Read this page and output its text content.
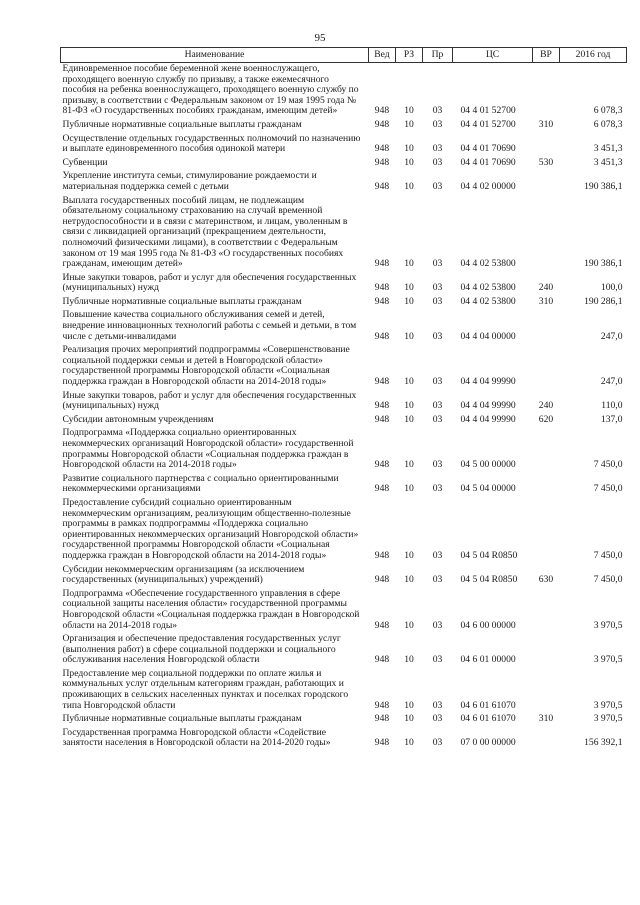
95
Наименование	Вед	РЗ	Пр	ЦС	ВР	2016 год
Единовременное пособие беременной жене военнослужащего, проходящего военную службу по призыву, а также ежемесячного пособия на ребенка военнослужащего, проходящего военную службу по призыву, в соответствии с Федеральным законом от 19 мая 1995 года № 81-ФЗ «О государственных пособиях гражданам, имеющим детей»	948	10	03	04 4 01 52700		6 078,3
Публичные нормативные социальные выплаты гражданам	948	10	03	04 4 01 52700	310	6 078,3
Осуществление отдельных государственных полномочий по назначению и выплате единовременного пособия одинокой матери	948	10	03	04 4 01 70690		3 451,3
Субвенции	948	10	03	04 4 01 70690	530	3 451,3
Укрепление института семьи, стимулирование рождаемости и материальная поддержка семей с детьми	948	10	03	04 4 02 00000		190 386,1
Выплата государственных пособий лицам, не подлежащим обязательному социальному страхованию на случай временной нетрудоспособности и в связи с материнством, и лицам, уволенным в связи с ликвидацией организаций (прекращением деятельности, полномочий физическими лицами), в соответствии с Федеральным законом от 19 мая 1995 года № 81-ФЗ «О государственных пособиях гражданам, имеющим детей»	948	10	03	04 4 02 53800		190 386,1
Иные закупки товаров, работ и услуг для обеспечения государственных (муниципальных) нужд	948	10	03	04 4 02 53800	240	100,0
Публичные нормативные социальные выплаты гражданам	948	10	03	04 4 02 53800	310	190 286,1
Повышение качества социального обслуживания семей и детей, внедрение инновационных технологий работы с семьей и детьми, в том числе с детьми-инвалидами	948	10	03	04 4 04 00000		247,0
Реализация прочих мероприятий подпрограммы «Совершенствование социальной поддержки семьи и детей в Новгородской области» государственной программы Новгородской области «Социальная поддержка граждан в Новгородской области на 2014-2018 годы»	948	10	03	04 4 04 99990		247,0
Иные закупки товаров, работ и услуг для обеспечения государственных (муниципальных) нужд	948	10	03	04 4 04 99990	240	110,0
Субсидии автономным учреждениям	948	10	03	04 4 04 99990	620	137,0
Подпрограмма «Поддержка социально ориентированных некоммерческих организаций Новгородской области» государственной программы Новгородской области «Социальная поддержка граждан в Новгородской области на 2014-2018 годы»	948	10	03	04 5 00 00000		7 450,0
Развитие социального партнерства с социально ориентированными некоммерческими организациями	948	10	03	04 5 04 00000		7 450,0
Предоставление субсидий социально ориентированным некоммерческим организациям, реализующим общественно-полезные программы в рамках подпрограммы «Поддержка социально ориентированных некоммерческих организаций Новгородской области» государственной программы Новгородской области «Социальная поддержка граждан в Новгородской области на 2014-2018 годы»	948	10	03	04 5 04 R0850		7 450,0
Субсидии некоммерческим организациям (за исключением государственных (муниципальных) учреждений)	948	10	03	04 5 04 R0850	630	7 450,0
Подпрограмма «Обеспечение государственного управления в сфере социальной защиты населения области» государственной программы Новгородской области «Социальная поддержка граждан в Новгородской области на 2014-2018 годы»	948	10	03	04 6 00 00000		3 970,5
Организация и обеспечение предоставления государственных услуг (выполнения работ) в сфере социальной поддержки и социального обслуживания населения Новгородской области	948	10	03	04 6 01 00000		3 970,5
Предоставление мер социальной поддержки по оплате жилья и коммунальных услуг отдельным категориям граждан, работающих и проживающих в сельских населенных пунктах и поселках городского типа Новгородской области	948	10	03	04 6 01 61070		3 970,5
Публичные нормативные социальные выплаты гражданам	948	10	03	04 6 01 61070	310	3 970,5
Государственная программа Новгородской области «Содействие занятости населения в Новгородской области на 2014-2020 годы»	948	10	03	07 0 00 00000		156 392,1
